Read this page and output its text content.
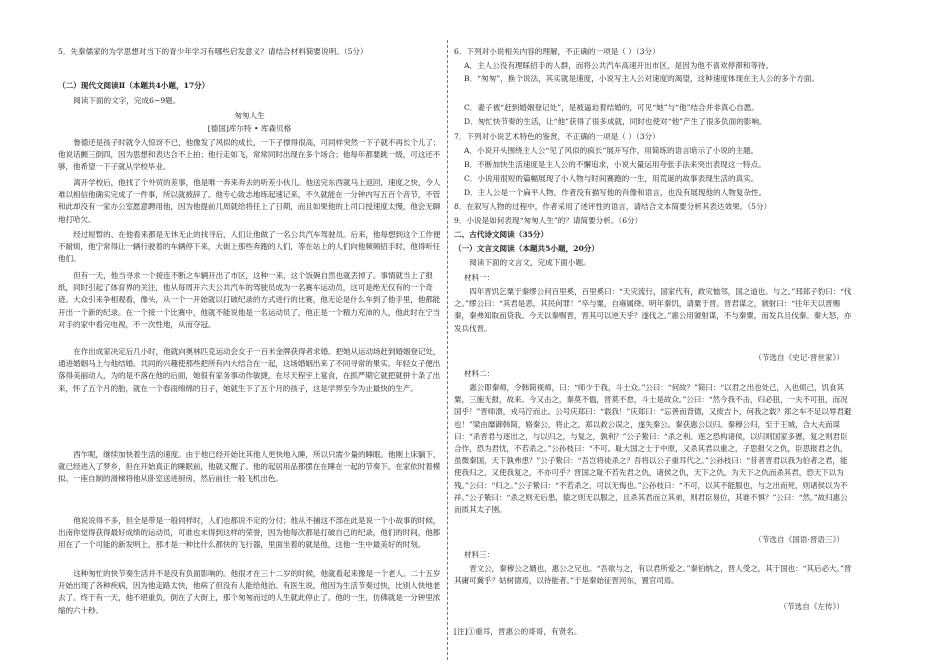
5．先秦儒家的为学思想对当下的青少年学习有哪些启发意义？请结合材料简要说明。（5分）

（二）现代文阅读Ⅱ（本题共4小题，17分）

阅读下面的文字，完成6~9题。

匆匆人生

[德国]库尔特 • 库森贝格

鲁德还是孩子时就令人惊讶不已，他像发了风似的成长，一下子撑得很高，可同样突然一下子就不再长个儿了；他说话颤三倒四，因为思想和表达合不上拍；他行走如飞，常常同时出现在多个场合；他每年都要跳一级，可这还不够，他希望一下子就从学校毕业。

离开学校后，他找了个外贸的差事，他是唯一奔来奔去的听差小伙儿。他送完东西就马上返回，速度之快，令人难以相信他确实完成了一件事，所以就被辞了。他专心致志地练起速记来，不久就能在一分钟内写五百个音节，不管和此却没有一家办公室愿意聘用他，因为他提前几周就给将任上了日期，而且如果他的上司口授速度太慢，他会无聊地打哈欠。

经过短暂的、在他看来都是无休无止的找寻后，人们让他做了一名公共汽车驾驶员。后来，他每想到这个工作便不耐烦，他宁常得让一辆行驶着的车辆停下来，大街上那些奔跑的人们，等在站上的人们向他频频招手时，他得听任他们。

但有一天，他当寻求一个接连不断之车辆开出了市区，这种一来，这个饭碗自然也就丢掉了。事情就当上了报纸，同时引起了体育界的关注，他从每周开六天公共汽车的驾驶员成为一名赛车运动员，这可是绝无仅有的一个奇迹。大众引来争相观看，像头，从一个一开始就以打破纪录的方式进行的比赛，他无论是什么车到了他手里，他都能开出一个新的纪录。在一个接一个比赛中，他就不能说他是一名运动员了，他正是一个精力充沛的人，他此时在宁当对手的家中看完电视，不一次性地，从而夺冠。

在作出成家决定后几小时，他就向奥林匹克运动会女子一百米金牌获得者求婚。把她从运动场赶到婚姻登记处，通进婚姻马上与他结婚。共同的兴趣使那些把所有内大结合在一起，这场婚姻出来了不同寻常的果实。年轻女子便出落得美丽动人，为的是不落在他的后面，她很有家务事动作敏捷，在尽天程宇上宴食，在抓严期它就把就拼十条了出来，怀了五个月的胎，就在一个春雨绵绵的日子，她就生下了五个月的孩子，这是学界至今为止最快的生产。

西乍呢，继续加快着生活的速度。由于他已经开始比其他人更快地入睡，所以只需少量的睡眠。他刚上床躺下，就已经进入了梦乡，但在开始真正的睡眠前，他就又醒了。他的起居用品都摆在在睡在一起的节奏下。在家依时着模拟。一座自制的滑梯将他从卧室送进厨房，然后前往一般飞机出色。

他说说得不多，但全是带是一般同样时，人们也都说不定的分付；他从不捕这不部在此是说一个小故事的时候，出南你觉得获得最好成绩的运动员，可谁也未得到这样的荣誉，因为他每次都是打破自己的纪录，他们的时间，他都用在了一个可能的新发明上，那才是一种比什么都快的飞行器，里面坐着的就是他，这他一生中最美好的时刻。

这种匆忙的快节奏生活并不是没有负面影响的。他很才在三十二岁的时候，他就看起来像是一个老人。二十五岁开始出现了各种疾病，因为他走路太快，他病了但没有人能给他治。有医生说，他因为生活节奏过快，比别人快地老去了。终于有一天，他不堪重负，倒在了大街上，那个匆匆而过的人生就此停止了。他的一生，仿佛就是一分钟里浓缩的六十秒。

6．下列对小说相关内容的理解，不正确的一项是（ ）（3分）

A．主人公没有理睬招手的人群，而将公共汽车高速开出市区，是因为他不喜欢停滞和等待。

B．“匆匆”，换个说法，其实就是速度，小说写主人公对速度的渴望，这种速度体现在主人公的多个方面。

C．妻子被“赶到婚姻登记处”，是被逼迫着结婚的，可见“她”与“他”结合并非真心自愿。

D．匆忙快节奏的生活，让“他”获得了很多成就，同时也使对“他”产生了很多负面的影响。

7．下列对小说艺术特色的鉴赏，不正确的一项是（ ）（3分）

A．小说开头围绕主人公“见了风似的疯长”展开写作，用简练的语言暗示了小说的主题。

B．不断加快生活速度是主人公的不懈追求，小说大量运用夸张手法来突出表现这一特点。

C．小说用很短的篇幅展现了小人物与时间赛跑的一生，用荒诞的故事表现生活的真实。

D．主人公是一个扁平人物，作者没有描写他的肖像和语言，也没有展现他的人物复杂性。

8．在叙写人物的过程中，作者采用了述评性的语言，请结合文本简要分析其表达效果。（5分）

9．小说是如何表现“匆匆人生”的？请简要分析。（6分）

二、古代诗文阅读（35分）

（一）文言文阅读（本题共5小题，20分）

阅读下面的文言文，完成下面小题。

材料一：

四年晋饥乞粟于秦缪公问百里奚，百里奚曰：“天灾流行，国家代有，救灾恤邻，国之道也。与之。”邳郑子豹曰：“伐之。”缪公曰：“其君是恶，其民何罪！”卒与粟，自雍属绛。明年秦饥，请粟于晋。晋君谋之，虢射曰：“往年天以晋赐秦，秦弗知取而贷我。今天以秦赐晋，晋其可以逆天乎？遂伐之。”惠公用虢射谋，不与秦粟，而发兵且伐秦。秦大怒，亦发兵伐晋。

（节选自《史记·晋世家》）

材料二：

惠公即秦师，令韩简视师，曰：“师少于我，斗士众。”公曰：“何故？”简曰：“以君之出也处己，入也烦己，饥食其粟，三施无报，故来。今又击之，秦莫不愠，晋莫不怠，斗士是故众。”公曰：“然今我不击，归必狃，一夫不可狃，而况国乎！”晋师溃，戎马泞而止。公号庆郑曰：“载我！”庆郑曰：“忘善而背德，又废吉卜，何我之载？郑之车不足以辱君避也！”梁由靡御韩简，辂秦公，将止之，郑以救公误之，遂失秦公。秦获惠公以归。秦穆公归，至于王城，合大夫而谋曰：“杀晋君与逐出之，与以归之，与复之，孰利？”公子絷曰：“杀之利。逐之恐构诸侯，以归则国家多慝，复之则君臣合作，恐为君忧，不若杀之。”公孙枝曰：“不可。耻大国之士于中原，又杀其君以重之，子思报父之仇，臣思报君之仇，虽微秦国，天下孰弗患？”公子絷曰：“吾岂将徒杀之？吾将以公子重耳代之。”公孙枝曰：“昔者晋君以我为伯者之君，能使我归之，又使我复之，不亦可乎？晋国之耻不若先君之仇，诸侯之仇，天下之仇，为天下之仇而杀其君，恐天下以为残。”公曰：“归之。”公子絷曰：“不若杀之，可以无悔也。”公孙枝曰：“不可，以其不能服也，与之出而死，则诸侯以为不祥。”公子絷曰：“杀之则无后患，德之则无以服之，且杀其君而立其弟，则君臣易位，其谁不惧？”公曰：“然。”故归惠公而质其太子圉。

（节选自《国语·晋语三》）

材料三：

晋文公，秦穆公之婿也，惠公之兄也。“吾欲与之，有以君所爱之。”秦伯纳之，晋人受之，其于国也：“其后必大。”晋其庸可冀乎？姑树德焉，以待能者。”于是秦始征晋河东，置官司焉。

（节选自《左传》）

[注]①重耳，晋惠公的哥哥，有贤名。
